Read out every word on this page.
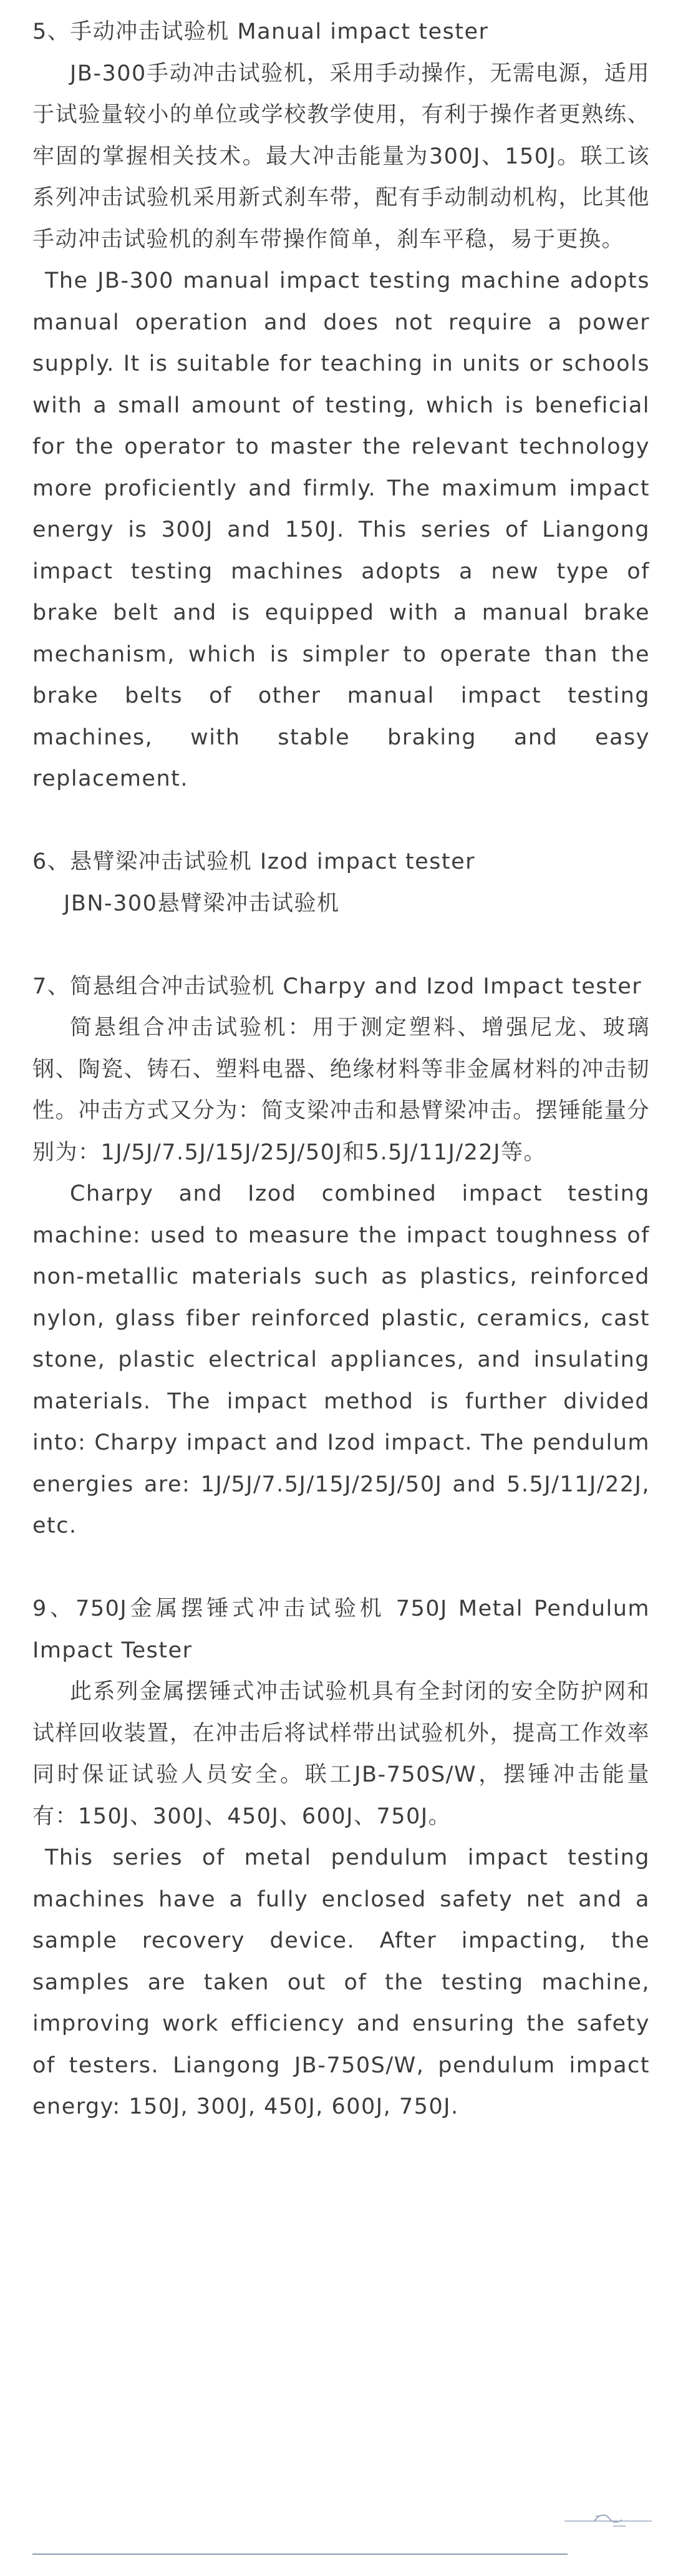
5、手动冲击试验机 Manual impact tester

JB-300手动冲击试验机，采用手动操作，无需电源，适用于试验量较小的单位或学校教学使用，有利于操作者更熟练、牢固的掌握相关技术。最大冲击能量为300J、150J。联工该系列冲击试验机采用新式刹车带，配有手动制动机构，比其他手动冲击试验机的刹车带操作简单，刹车平稳，易于更换。

The JB-300 manual impact testing machine adopts manual operation and does not require a power supply. It is suitable for teaching in units or schools with a small amount of testing, which is beneficial for the operator to master the relevant technology more proficiently and firmly. The maximum impact energy is 300J and 150J. This series of Liangong impact testing machines adopts a new type of brake belt and is equipped with a manual brake mechanism, which is simpler to operate than the brake belts of other manual impact testing machines, with stable braking and easy replacement.

6、悬臂梁冲击试验机 Izod impact tester

JBN-300悬臂梁冲击试验机

7、简悬组合冲击试验机 Charpy and Izod Impact tester

简悬组合冲击试验机：用于测定塑料、增强尼龙、玻璃钢、陶瓷、铸石、塑料电器、绝缘材料等非金属材料的冲击韧性。冲击方式又分为：简支梁冲击和悬臂梁冲击。摆锤能量分别为：1J/5J/7.5J/15J/25J/50J和5.5J/11J/22J等。

Charpy and Izod combined impact testing machine: used to measure the impact toughness of non-metallic materials such as plastics, reinforced nylon, glass fiber reinforced plastic, ceramics, cast stone, plastic electrical appliances, and insulating materials. The impact method is further divided into: Charpy impact and Izod impact. The pendulum energies are: 1J/5J/7.5J/15J/25J/50J and 5.5J/11J/22J, etc.

9、750J金属摆锤式冲击试验机 750J Metal Pendulum Impact Tester

此系列金属摆锤式冲击试验机具有全封闭的安全防护网和试样回收装置，在冲击后将试样带出试验机外，提高工作效率同时保证试验人员安全。联工JB-750S/W，摆锤冲击能量有：150J、300J、450J、600J、750J。

This series of metal pendulum impact testing machines have a fully enclosed safety net and a sample recovery device. After impacting, the samples are taken out of the testing machine, improving work efficiency and ensuring the safety of testers. Liangong JB-750S/W, pendulum impact energy: 150J, 300J, 450J, 600J, 750J.
